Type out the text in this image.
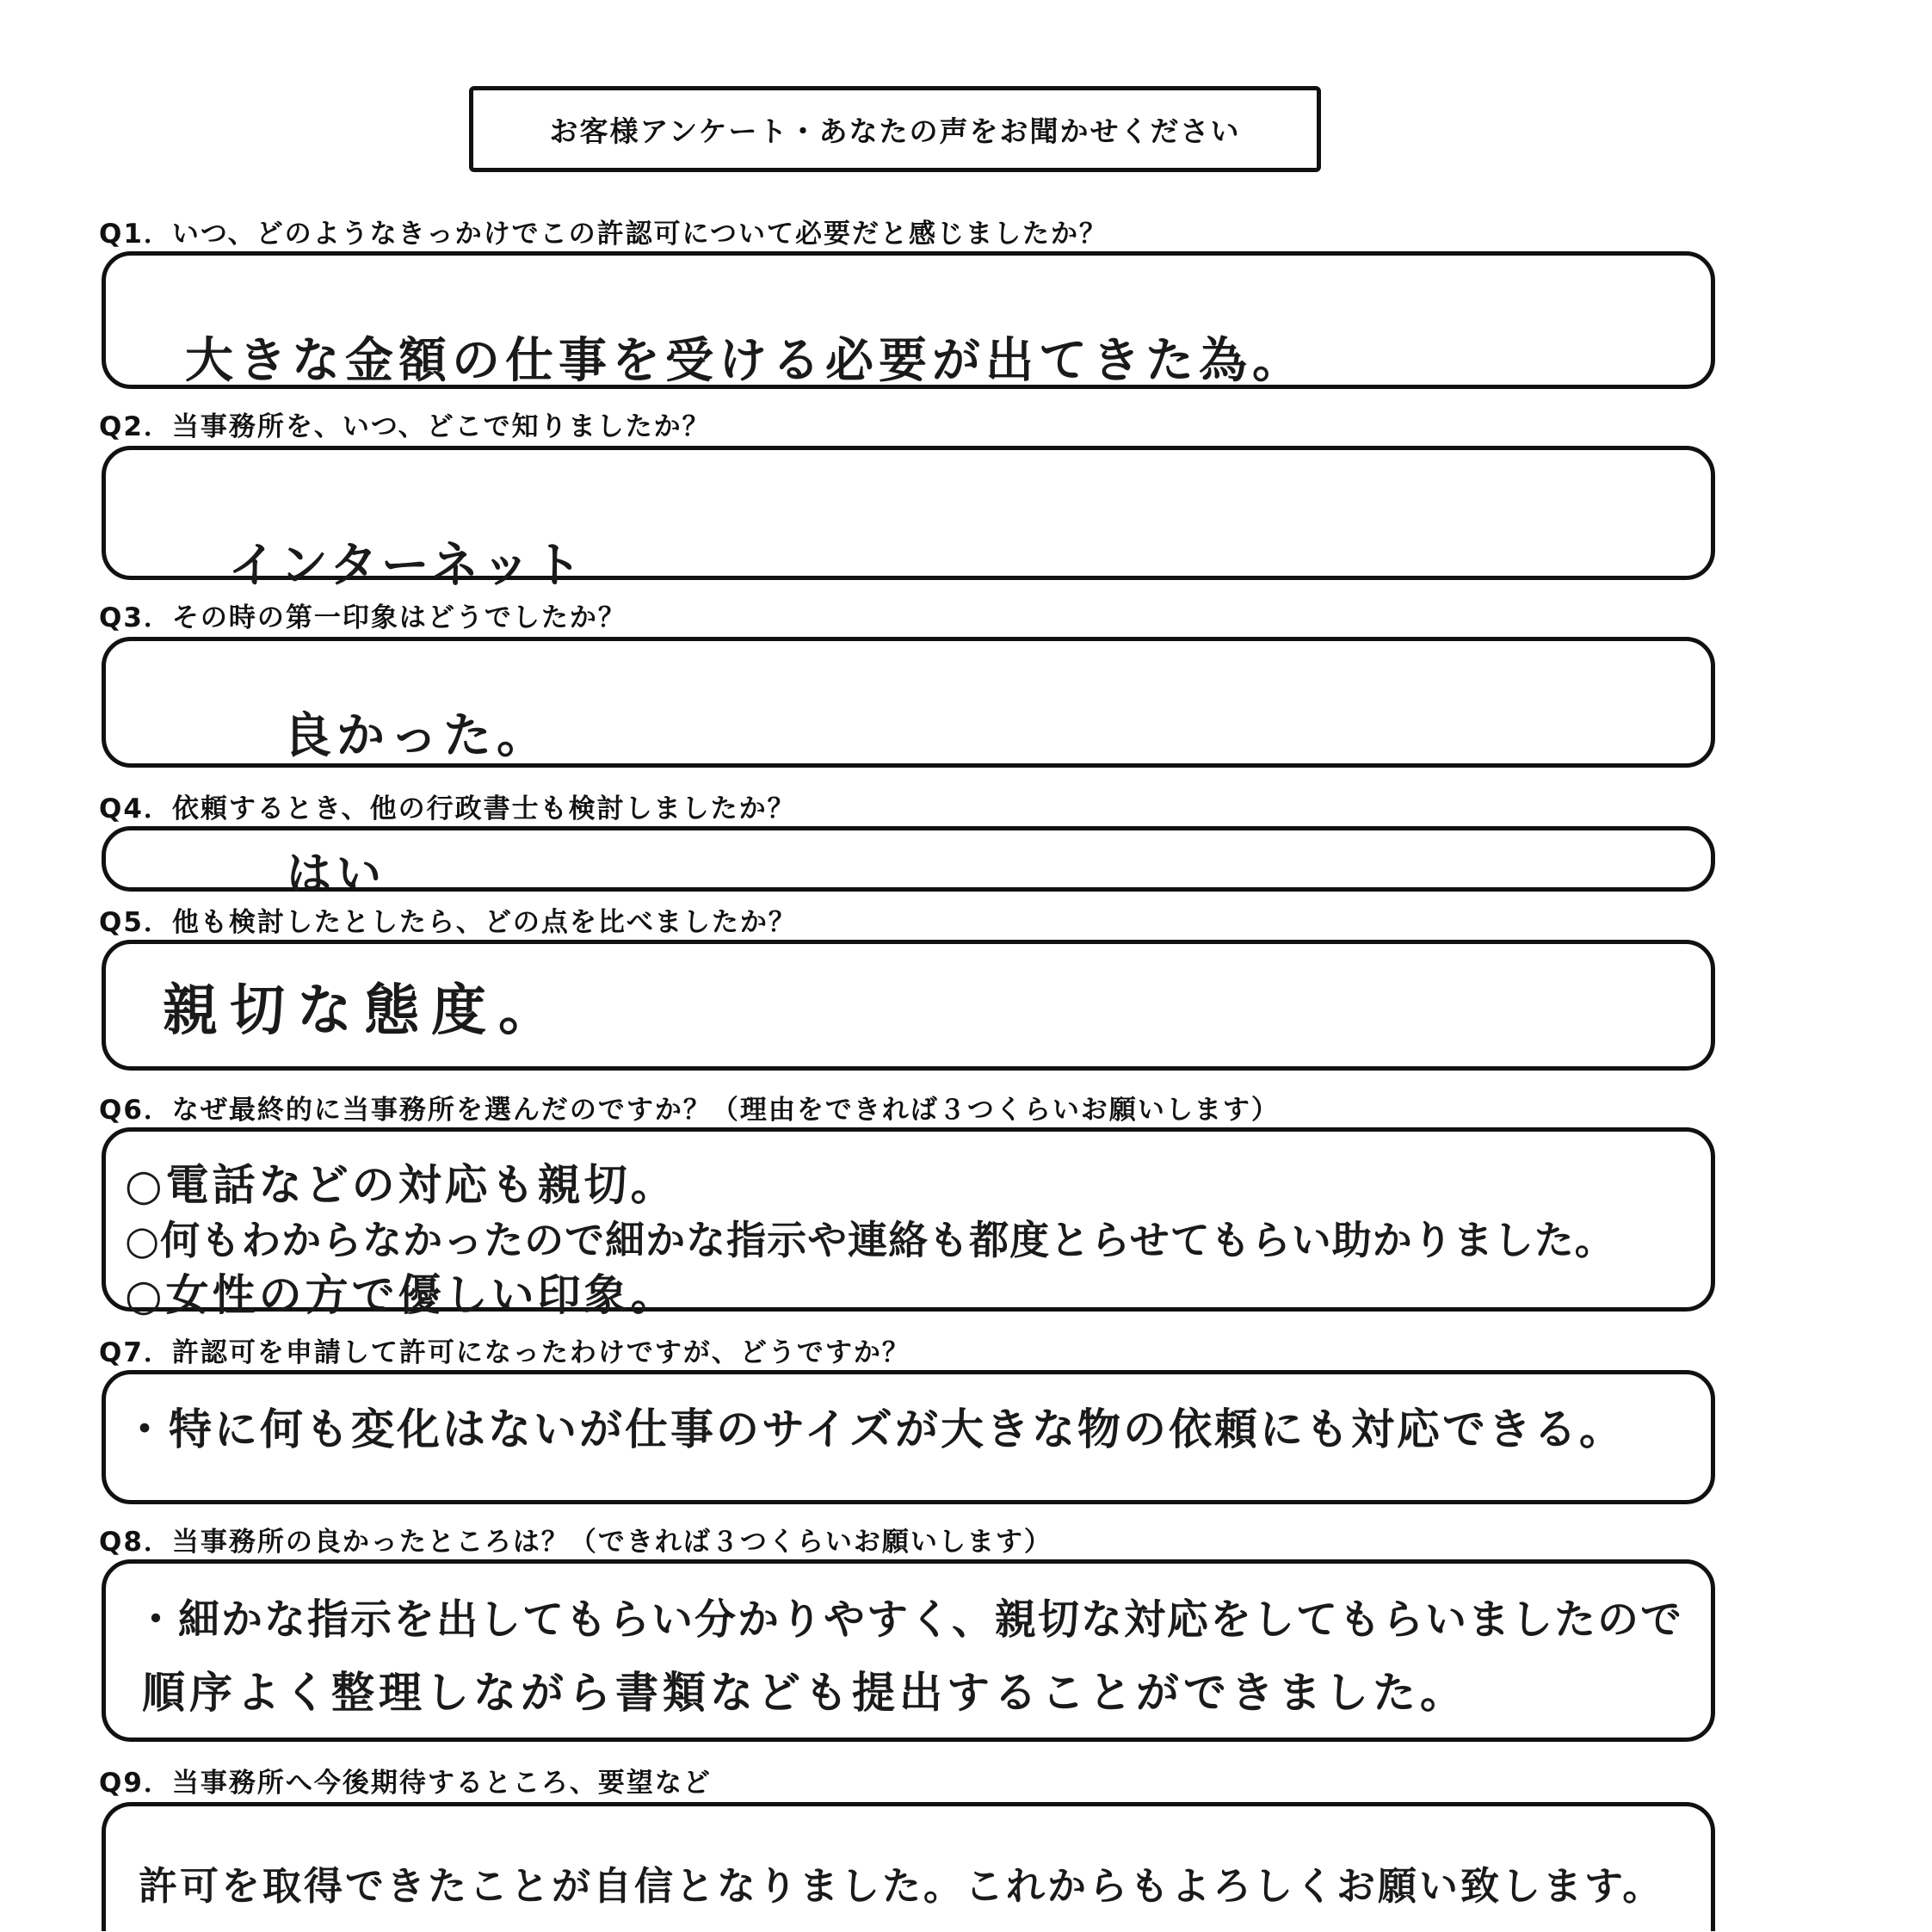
お客様アンケート・あなたの声をお聞かせください
Q1．いつ、どのようなきっかけでこの許認可について必要だと感じましたか？
大きな金額の仕事を受ける必要が出てきた為。
Q2．当事務所を、いつ、どこで知りましたか？
インターネット
Q3．その時の第一印象はどうでしたか？
良かった。
Q4．依頼するとき、他の行政書士も検討しましたか？
はい
Q5．他も検討したとしたら、どの点を比べましたか？
親切な態度。
Q6．なぜ最終的に当事務所を選んだのですか？（理由をできれば３つくらいお願いします）
○電話などの対応も親切。
○何もわからなかったので細かな指示や連絡も都度とらせてもらい助かりました。
○女性の方で優しい印象。
Q7．許認可を申請して許可になったわけですが、どうですか？
・特に何も変化はないが仕事のサイズが大きな物の依頼にも対応できる。
Q8．当事務所の良かったところは？（できれば３つくらいお願いします）
・細かな指示を出してもらい分かりやすく、親切な対応をしてもらいましたので
順序よく整理しながら書類なども提出することができました。
Q9．当事務所へ今後期待するところ、要望など
許可を取得できたことが自信となりました。これからもよろしくお願い致します。
